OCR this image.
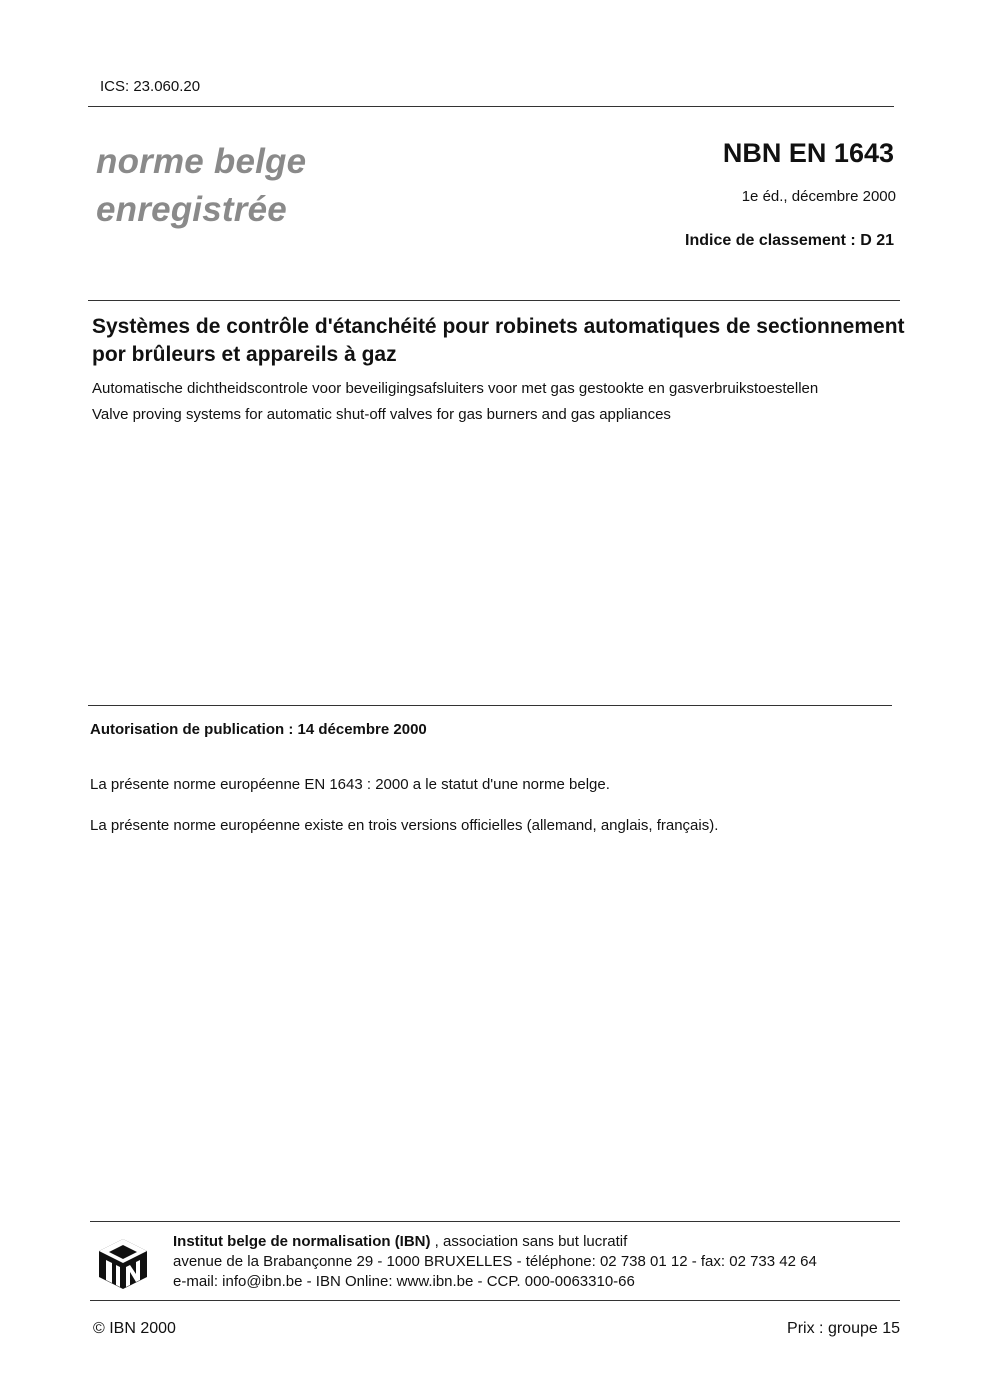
ICS: 23.060.20
norme belge
enregistrée
NBN EN 1643
1e éd., décembre 2000
Indice de classement : D 21
Systèmes de contrôle d'étanchéité pour robinets automatiques de sectionnement por brûleurs et appareils à gaz
Automatische dichtheidscontrole voor beveiligingsafsluiters voor met gas gestookte en gasverbruikstoestellen
Valve proving systems for automatic shut-off valves for gas burners and gas appliances
Autorisation de publication : 14 décembre 2000
La présente norme européenne EN 1643 : 2000 a le statut d'une norme belge.
La présente norme européenne existe en trois versions officielles (allemand, anglais, français).
Institut belge de normalisation (IBN) , association sans but lucratif
avenue de la Brabançonne 29 - 1000 BRUXELLES - téléphone: 02 738 01 12 - fax: 02 733 42 64
e-mail: info@ibn.be - IBN Online: www.ibn.be - CCP. 000-0063310-66
© IBN 2000	Prix : groupe 15
